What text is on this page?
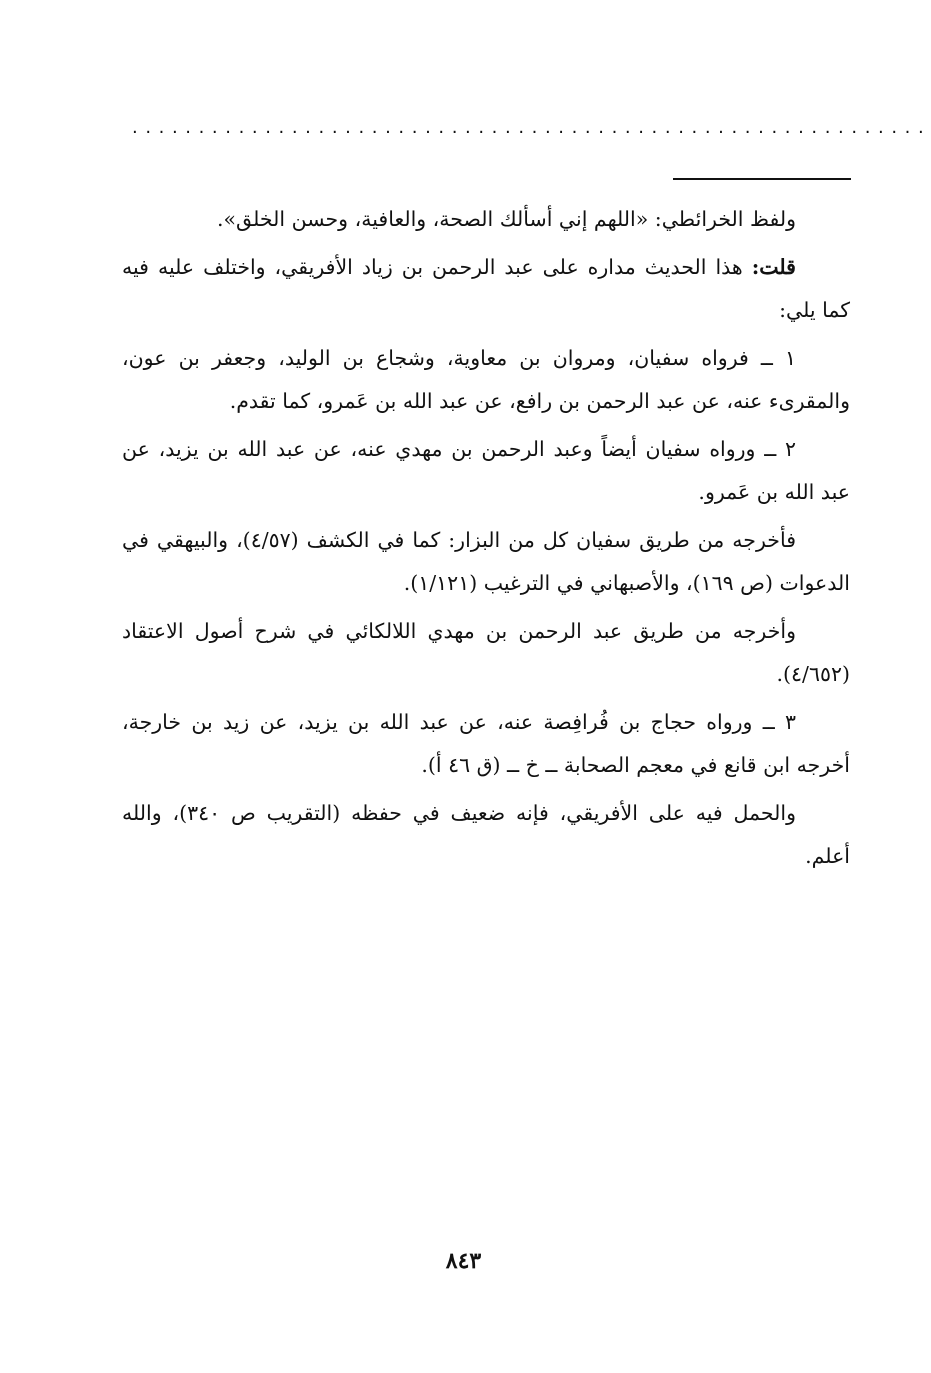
............................................................

ولفظ الخرائطي: «اللهم إني أسألك الصحة، والعافية، وحسن الخلق».

قلت: هذا الحديث مداره على عبد الرحمن بن زياد الأفريقي، واختلف عليه فيه كما يلي:

١ ــ فرواه سفيان، ومروان بن معاوية، وشجاع بن الوليد، وجعفر بن عون، والمقرىء عنه، عن عبد الرحمن بن رافع، عن عبد الله بن عَمرو، كما تقدم.

٢ ــ ورواه سفيان أيضاً وعبد الرحمن بن مهدي عنه، عن عبد الله بن يزيد، عن عبد الله بن عَمرو.

فأخرجه من طريق سفيان كل من البزار: كما في الكشف (٤/٥٧)، والبيهقي في الدعوات (ص ١٦٩)، والأصبهاني في الترغيب (١/١٢١).

وأخرجه من طريق عبد الرحمن بن مهدي اللالكائي في شرح أصول الاعتقاد (٤/٦٥٢).

٣ ــ ورواه حجاج بن فُرافِصة عنه، عن عبد الله بن يزيد، عن زيد بن خارجة، أخرجه ابن قانع في معجم الصحابة ــ خ ــ (ق ٤٦ أ).

والحمل فيه على الأفريقي، فإنه ضعيف في حفظه (التقريب ص ٣٤٠)، والله أعلم.

٨٤٣
